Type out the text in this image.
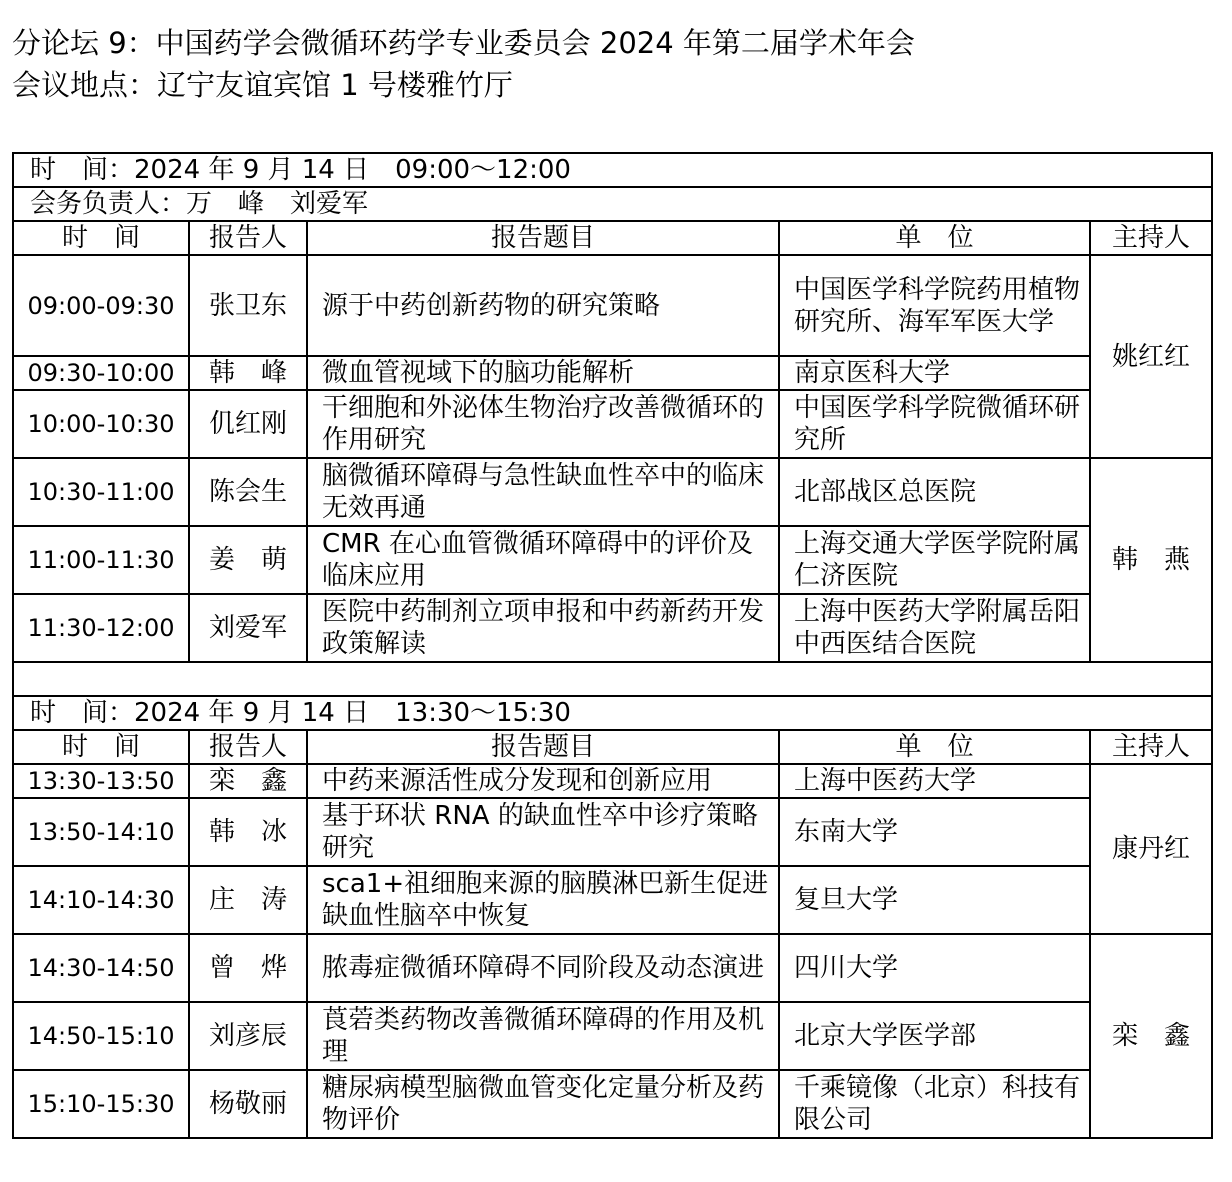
分论坛 9：中国药学会微循环药学专业委员会 2024 年第二届学术年会
会议地点：辽宁友谊宾馆 1 号楼雅竹厅
时　间：2024 年 9 月 14 日　09:00～12:00				
会务负责人：万　峰　刘爱军				
时　间	报告人	报告题目	单　位	主持人
09:00-09:30	张卫东	源于中药创新药物的研究策略	中国医学科学院药用植物研究所、海军军医大学	姚红红
09:30-10:00	韩　峰	微血管视域下的脑功能解析	南京医科大学	
10:00-10:30	仉红刚	干细胞和外泌体生物治疗改善微循环的作用研究	中国医学科学院微循环研究所	
10:30-11:00	陈会生	脑微循环障碍与急性缺血性卒中的临床无效再通	北部战区总医院	韩　燕
11:00-11:30	姜　萌	CMR 在心血管微循环障碍中的评价及临床应用	上海交通大学医学院附属仁济医院	
11:30-12:00	刘爱军	医院中药制剂立项申报和中药新药开发政策解读	上海中医药大学附属岳阳中西医结合医院	

时　间：2024 年 9 月 14 日　13:30～15:30				
时　间	报告人	报告题目	单　位	主持人
13:30-13:50	栾　鑫	中药来源活性成分发现和创新应用	上海中医药大学	康丹红
13:50-14:10	韩　冰	基于环状 RNA 的缺血性卒中诊疗策略研究	东南大学	
14:10-14:30	庄　涛	sca1+祖细胞来源的脑膜淋巴新生促进缺血性脑卒中恢复	复旦大学	
14:30-14:50	曾　烨	脓毒症微循环障碍不同阶段及动态演进	四川大学	栾　鑫
14:50-15:10	刘彦辰	莨菪类药物改善微循环障碍的作用及机理	北京大学医学部	
15:10-15:30	杨敬丽	糖尿病模型脑微血管变化定量分析及药物评价	千乘镜像（北京）科技有限公司	
